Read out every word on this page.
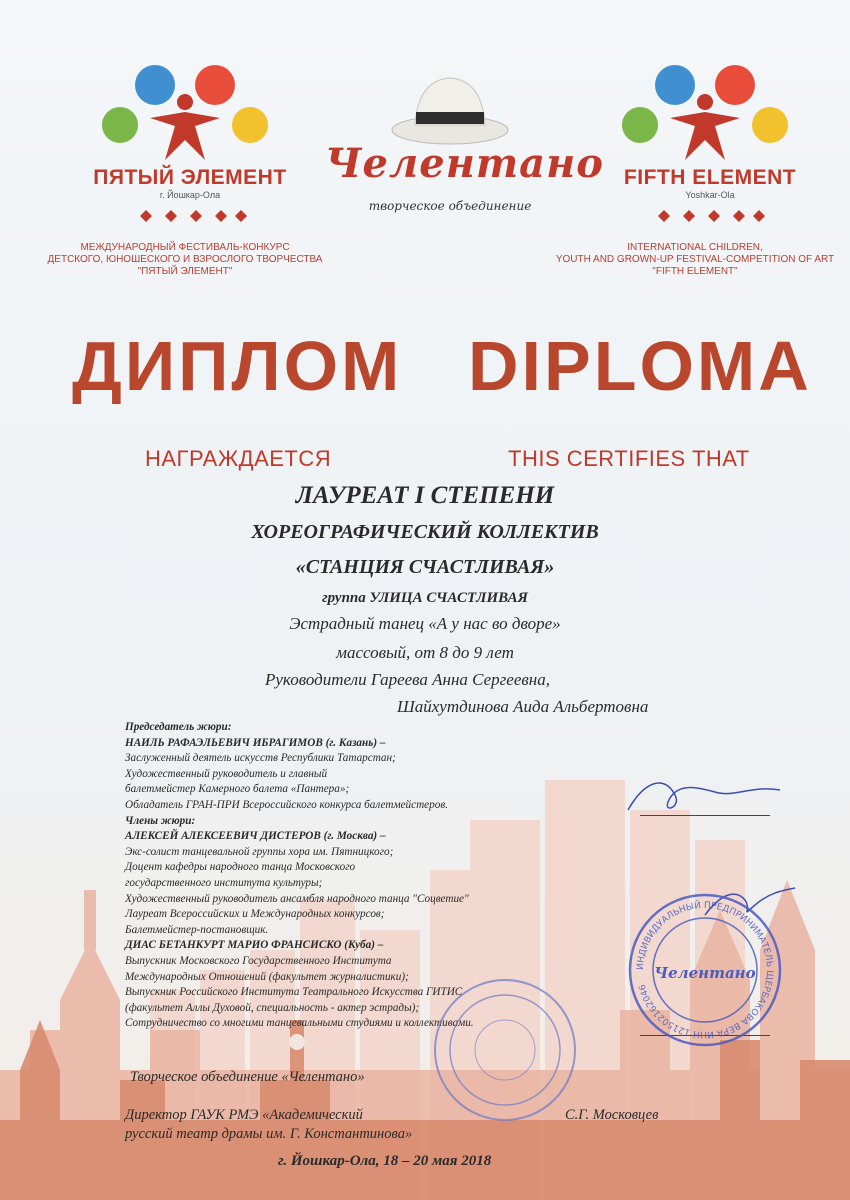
ПЯТЫЙ ЭЛЕМЕНТ
г. Йошкар-Ола
МЕЖДУНАРОДНЫЙ ФЕСТИВАЛЬ-КОНКУРС
ДЕТСКОГО, ЮНОШЕСКОГО И ВЗРОСЛОГО ТВОРЧЕСТВА
"ПЯТЫЙ ЭЛЕМЕНТ"
Челентано
творческое объединение
FIFTH ELEMENT
Yoshkar-Ola
INTERNATIONAL CHILDREN,
YOUTH AND GROWN-UP FESTIVAL-COMPETITION OF ART
"FIFTH ELEMENT"
ДИПЛОМ DIPLOMA
НАГРАЖДАЕТСЯ	THIS CERTIFIES THAT
ЛАУРЕАТ I СТЕПЕНИ
ХОРЕОГРАФИЧЕСКИЙ КОЛЛЕКТИВ
«СТАНЦИЯ СЧАСТЛИВАЯ»
группа УЛИЦА СЧАСТЛИВАЯ
Эстрадный танец «А у нас во дворе»
массовый, от 8 до 9 лет
Руководители Гареева Анна Сергеевна,
Шайхутдинова Аида Альбертовна
Председатель жюри:
НАИЛЬ РАФАЭЛЬЕВИЧ ИБРАГИМОВ (г. Казань) –
Заслуженный деятель искусств Республики Татарстан;
Художественный руководитель и главный
балетмейстер Камерного балета «Пантера»;
Обладатель ГРАН-ПРИ Всероссийского конкурса балетмейстеров.
Члены жюри:
АЛЕКСЕЙ АЛЕКСЕЕВИЧ ДИСТЕРОВ (г. Москва) –
Экс-солист танцевальной группы хора им. Пятницкого;
Доцент кафедры народного танца Московского
государственного института культуры;
Художественный руководитель ансамбля народного танца "Соцветие"
Лауреат Всероссийских и Международных конкурсов;
Балетмейстер-постановщик.
ДИАС БЕТАНКУРТ МАРИО ФРАНСИСКО (Куба) –
Выпускник Московского Государственного Института
Международных Отношений (факультет журналистики);
Выпускник Российского Института Театрального Искусства ГИТИС
(факультет Аллы Духовой, специальность - актер эстрады);
Сотрудничество со многими танцевальными студиями и коллективами.
ИНДИВИДУАЛЬНЫЙ ПРЕДПРИНИМАТЕЛЬ ЩЕРБАКОВА ВЕРА ИНН 121502162046
Челентано
Творческое объединение «Челентано»
Директор ГАУК РМЭ «Академический
русский театр драмы им. Г. Константинова»
С.Г. Московцев
г. Йошкар-Ола, 18 – 20 мая 2018
